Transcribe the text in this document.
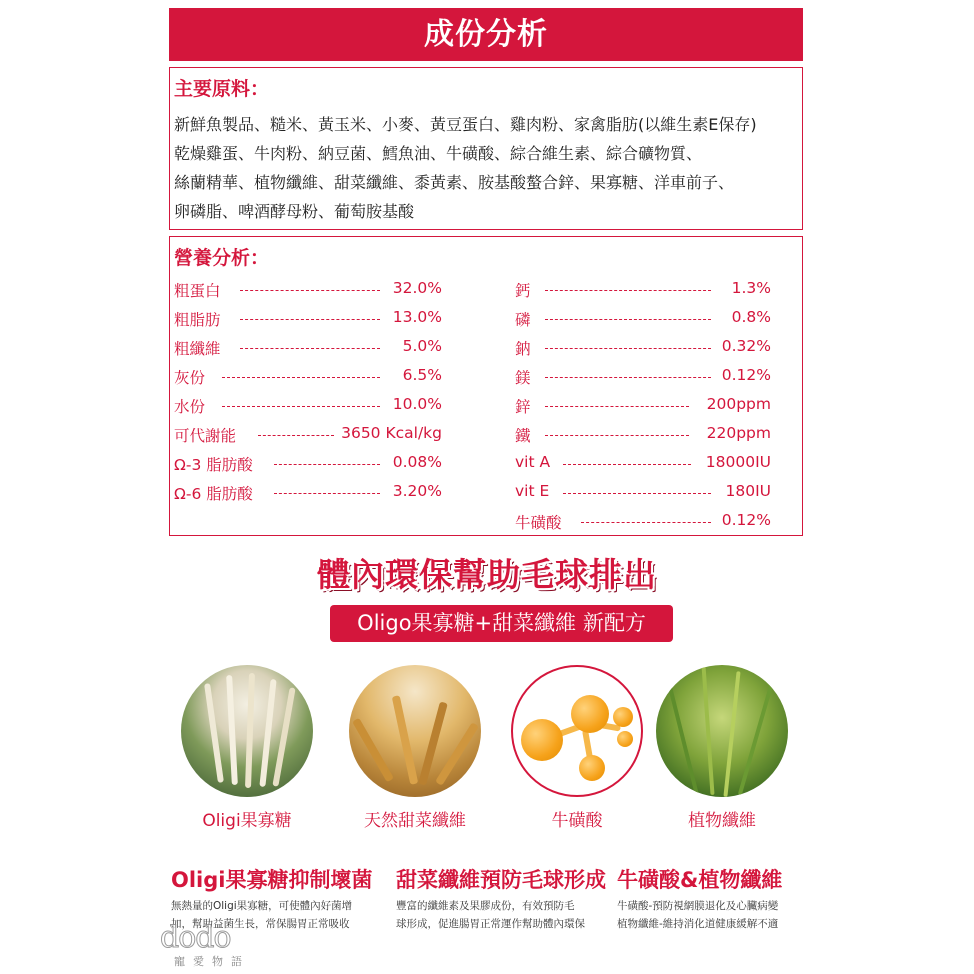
成份分析
主要原料：
新鮮魚製品、糙米、黃玉米、小麥、黃豆蛋白、雞肉粉、家禽脂肪(以維生素E保存)
乾燥雞蛋、牛肉粉、納豆菌、鱈魚油、牛磺酸、綜合維生素、綜合礦物質、
絲蘭精華、植物纖維、甜菜纖維、黍黃素、胺基酸螯合鋅、果寡糖、洋車前子、
卵磷脂、啤酒酵母粉、葡萄胺基酸
營養分析：
粗蛋白	32.0%
粗脂肪	13.0%
粗纖維	5.0%
灰份	6.5%
水份	10.0%
可代謝能	3650 Kcal/kg
Ω-3 脂肪酸	0.08%
Ω-6 脂肪酸	3.20%
鈣	1.3%
磷	0.8%
鈉	0.32%
鎂	0.12%
鋅	200ppm
鐵	220ppm
vit A	18000IU
vit E	180IU
牛磺酸	0.12%
體內環保幫助毛球排出
Oligo果寡糖+甜菜纖維 新配方
Oligi果寡糖	天然甜菜纖維	牛磺酸	植物纖維
Oligi果寡糖抑制壞菌
無熱量的Oligi果寡糖，可使體內好菌增
加，幫助益菌生長，常保腸胃正常吸收
甜菜纖維預防毛球形成
豐富的纖維素及果膠成份，有效預防毛
球形成，促進腸胃正常運作幫助體內環保
牛磺酸&植物纖維
牛磺酸-預防視網膜退化及心臟病變
植物纖維-維持消化道健康緩解不適
dodo
寵愛物語
